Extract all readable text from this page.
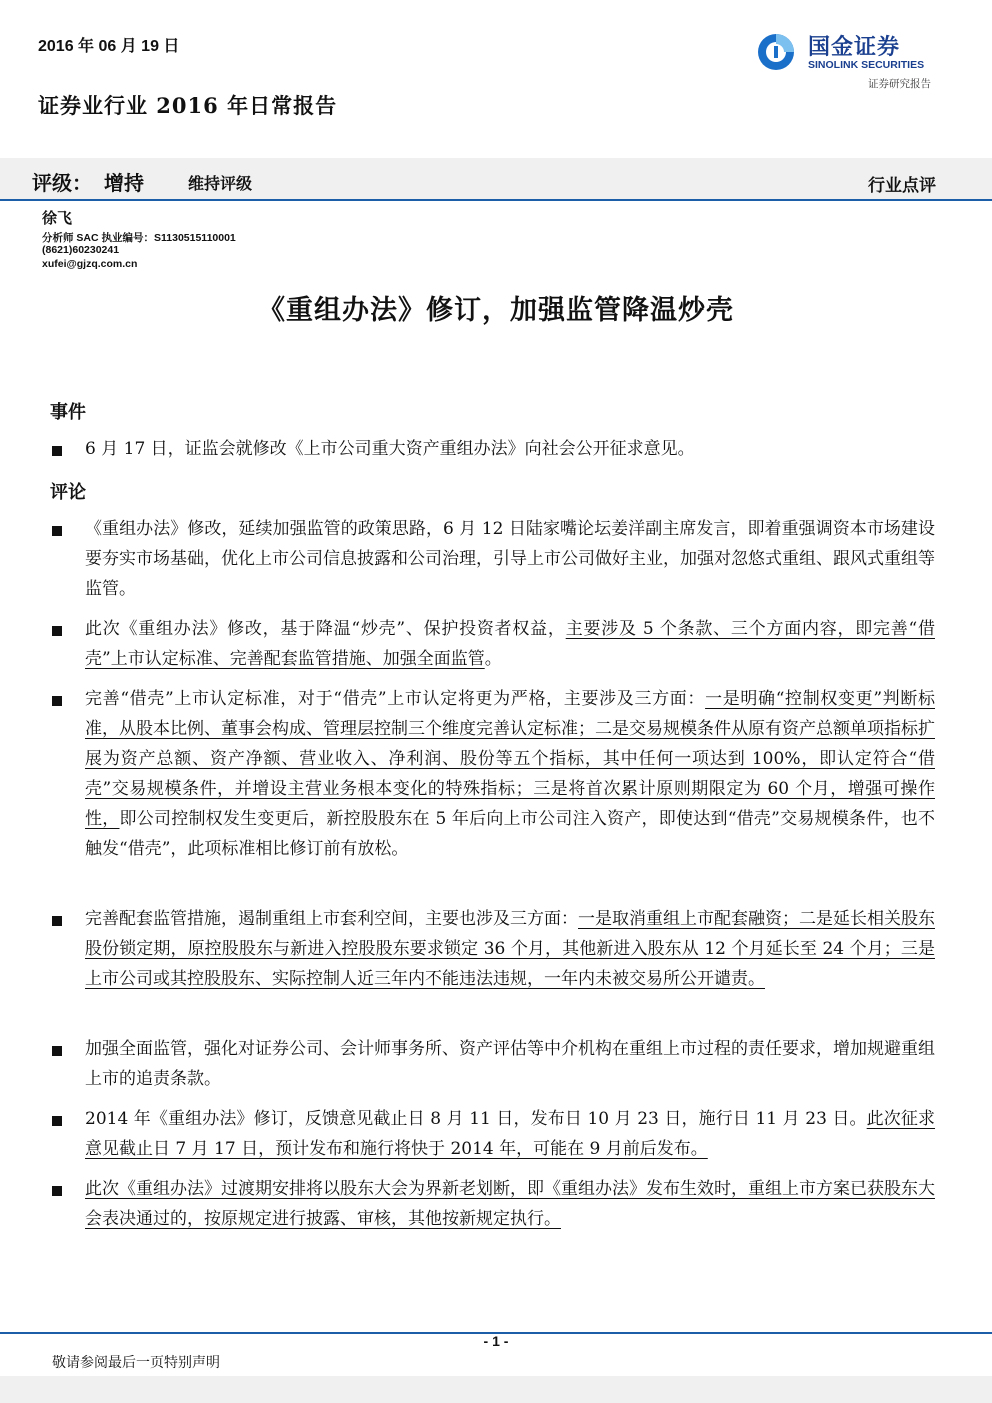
2016 年 06 月 19 日
证券业行业 2016 年日常报告
国金证券
SINOLINK SECURITIES
证券研究报告
评级： 增持	维持评级	行业点评
徐飞
分析师 SAC 执业编号：S1130515110001
(8621)60230241
xufei@gjzq.com.cn
《重组办法》修订，加强监管降温炒壳
事件
6 月 17 日，证监会就修改《上市公司重大资产重组办法》向社会公开征求意见。
评论
《重组办法》修改，延续加强监管的政策思路，6 月 12 日陆家嘴论坛姜洋副主席发言，即着重强调资本市场建设要夯实市场基础，优化上市公司信息披露和公司治理，引导上市公司做好主业，加强对忽悠式重组、跟风式重组等监管。
此次《重组办法》修改，基于降温“炒壳”、保护投资者权益，主要涉及 5 个条款、三个方面内容，即完善“借壳”上市认定标准、完善配套监管措施、加强全面监管。
完善“借壳”上市认定标准，对于“借壳”上市认定将更为严格，主要涉及三方面：一是明确“控制权变更”判断标准，从股本比例、董事会构成、管理层控制三个维度完善认定标准；二是交易规模条件从原有资产总额单项指标扩展为资产总额、资产净额、营业收入、净利润、股份等五个指标，其中任何一项达到 100%，即认定符合“借壳”交易规模条件，并增设主营业务根本变化的特殊指标；三是将首次累计原则期限定为 60 个月，增强可操作性，即公司控制权发生变更后，新控股股东在 5 年后向上市公司注入资产，即使达到“借壳”交易规模条件，也不触发“借壳”，此项标准相比修订前有放松。
完善配套监管措施，遏制重组上市套利空间，主要也涉及三方面：一是取消重组上市配套融资；二是延长相关股东股份锁定期，原控股股东与新进入控股股东要求锁定 36 个月，其他新进入股东从 12 个月延长至 24 个月；三是上市公司或其控股股东、实际控制人近三年内不能违法违规，一年内未被交易所公开谴责。
加强全面监管，强化对证券公司、会计师事务所、资产评估等中介机构在重组上市过程的责任要求，增加规避重组上市的追责条款。
2014 年《重组办法》修订，反馈意见截止日 8 月 11 日，发布日 10 月 23 日，施行日 11 月 23 日。此次征求意见截止日 7 月 17 日，预计发布和施行将快于 2014 年，可能在 9 月前后发布。
此次《重组办法》过渡期安排将以股东大会为界新老划断，即《重组办法》发布生效时，重组上市方案已获股东大会表决通过的，按原规定进行披露、审核，其他按新规定执行。
- 1 -
敬请参阅最后一页特别声明
